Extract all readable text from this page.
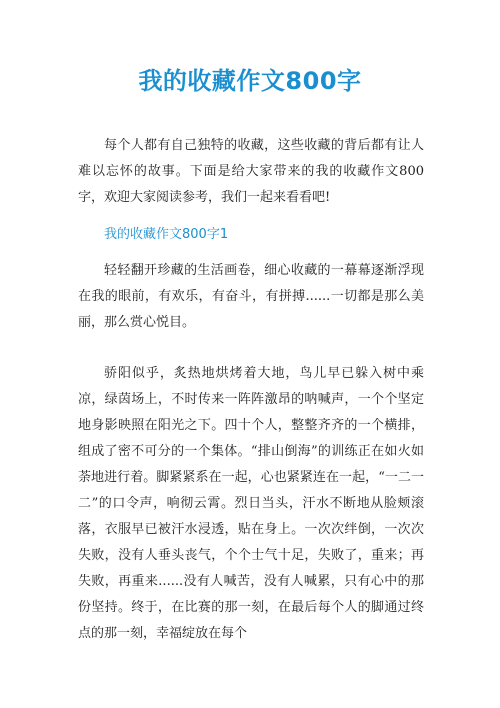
我的收藏作文800字

每个人都有自己独特的收藏，这些收藏的背后都有让人难以忘怀的故事。下面是给大家带来的我的收藏作文800字，欢迎大家阅读参考，我们一起来看看吧!

我的收藏作文800字1

轻轻翻开珍藏的生活画卷，细心收藏的一幕幕逐渐浮现在我的眼前，有欢乐，有奋斗，有拼搏......一切都是那么美丽，那么赏心悦目。

骄阳似乎，炙热地烘烤着大地，鸟儿早已躲入树中乘凉，绿茵场上，不时传来一阵阵激昂的呐喊声，一个个坚定地身影映照在阳光之下。四十个人，整整齐齐的一个横排，组成了密不可分的一个集体。“排山倒海”的训练正在如火如荼地进行着。脚紧紧系在一起，心也紧紧连在一起，“一二一二”的口令声，响彻云霄。烈日当头，汗水不断地从脸颊滚落，衣服早已被汗水浸透，贴在身上。一次次绊倒，一次次失败，没有人垂头丧气，个个士气十足，失败了，重来；再失败，再重来......没有人喊苦，没有人喊累，只有心中的那份坚持。终于，在比赛的那一刻，在最后每个人的脚通过终点的那一刻，幸福绽放在每个
